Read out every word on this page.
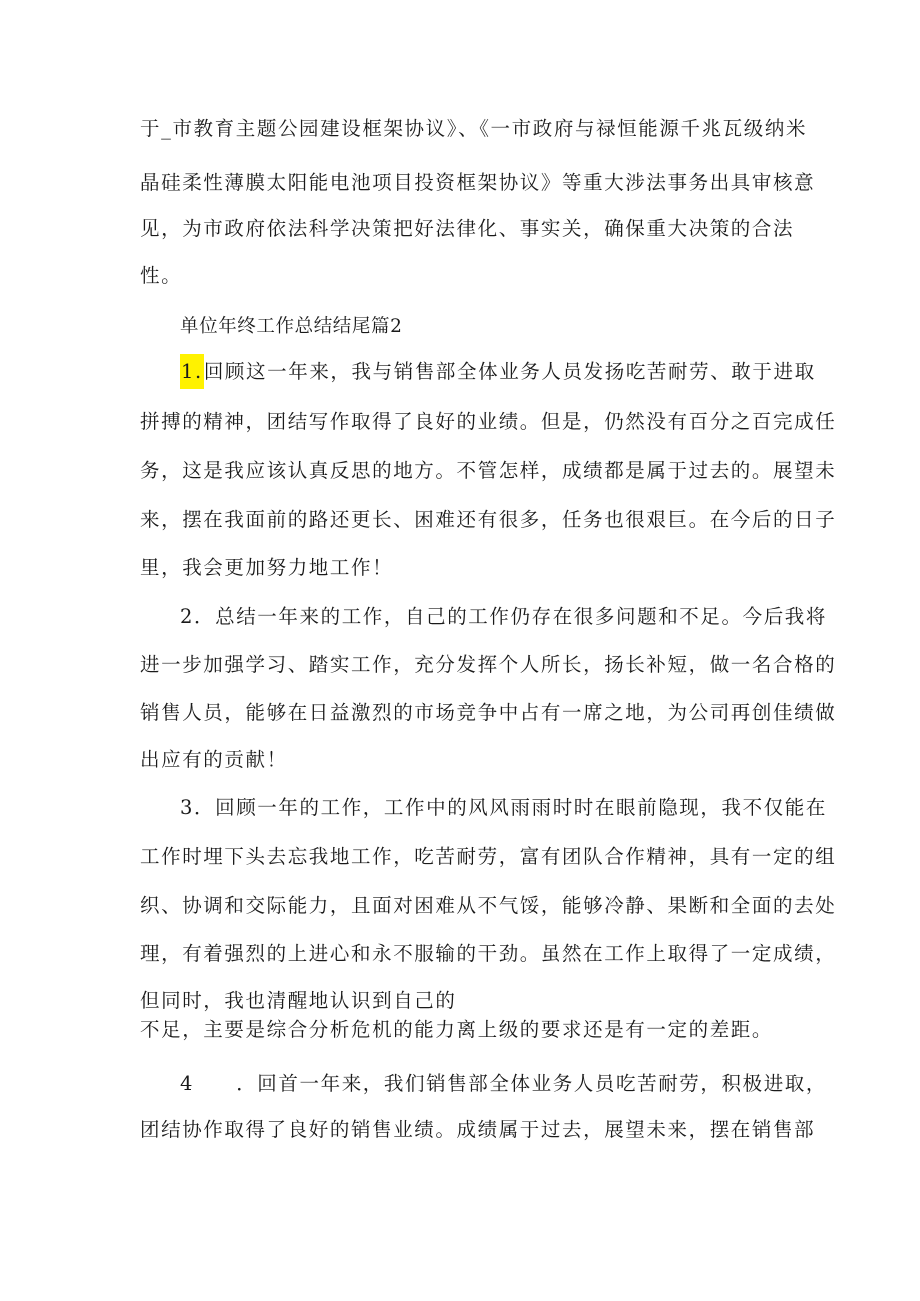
于_市教育主题公园建设框架协议》、《一市政府与禄恒能源千兆瓦级纳米
晶硅柔性薄膜太阳能电池项目投资框架协议》等重大涉法事务出具审核意
见，为市政府依法科学决策把好法律化、事实关，确保重大决策的合法
性。
单位年终工作总结结尾篇2
1.回顾这一年来，我与销售部全体业务人员发扬吃苦耐劳、敢于进取
拼搏的精神，团结写作取得了良好的业绩。但是，仍然没有百分之百完成任
务，这是我应该认真反思的地方。不管怎样，成绩都是属于过去的。展望未
来，摆在我面前的路还更长、困难还有很多，任务也很艰巨。在今后的日子
里，我会更加努力地工作！
2．总结一年来的工作，自己的工作仍存在很多问题和不足。今后我将
进一步加强学习、踏实工作，充分发挥个人所长，扬长补短，做一名合格的
销售人员，能够在日益激烈的市场竞争中占有一席之地，为公司再创佳绩做
出应有的贡献！
3．回顾一年的工作，工作中的风风雨雨时时在眼前隐现，我不仅能在
工作时埋下头去忘我地工作，吃苦耐劳，富有团队合作精神，具有一定的组
织、协调和交际能力，且面对困难从不气馁，能够冷静、果断和全面的去处
理，有着强烈的上进心和永不服输的干劲。虽然在工作上取得了一定成绩，
但同时，我也清醒地认识到自己的
不足，主要是综合分析危机的能力离上级的要求还是有一定的差距。
4　　．回首一年来，我们销售部全体业务人员吃苦耐劳，积极进取，
团结协作取得了良好的销售业绩。成绩属于过去，展望未来，摆在销售部
